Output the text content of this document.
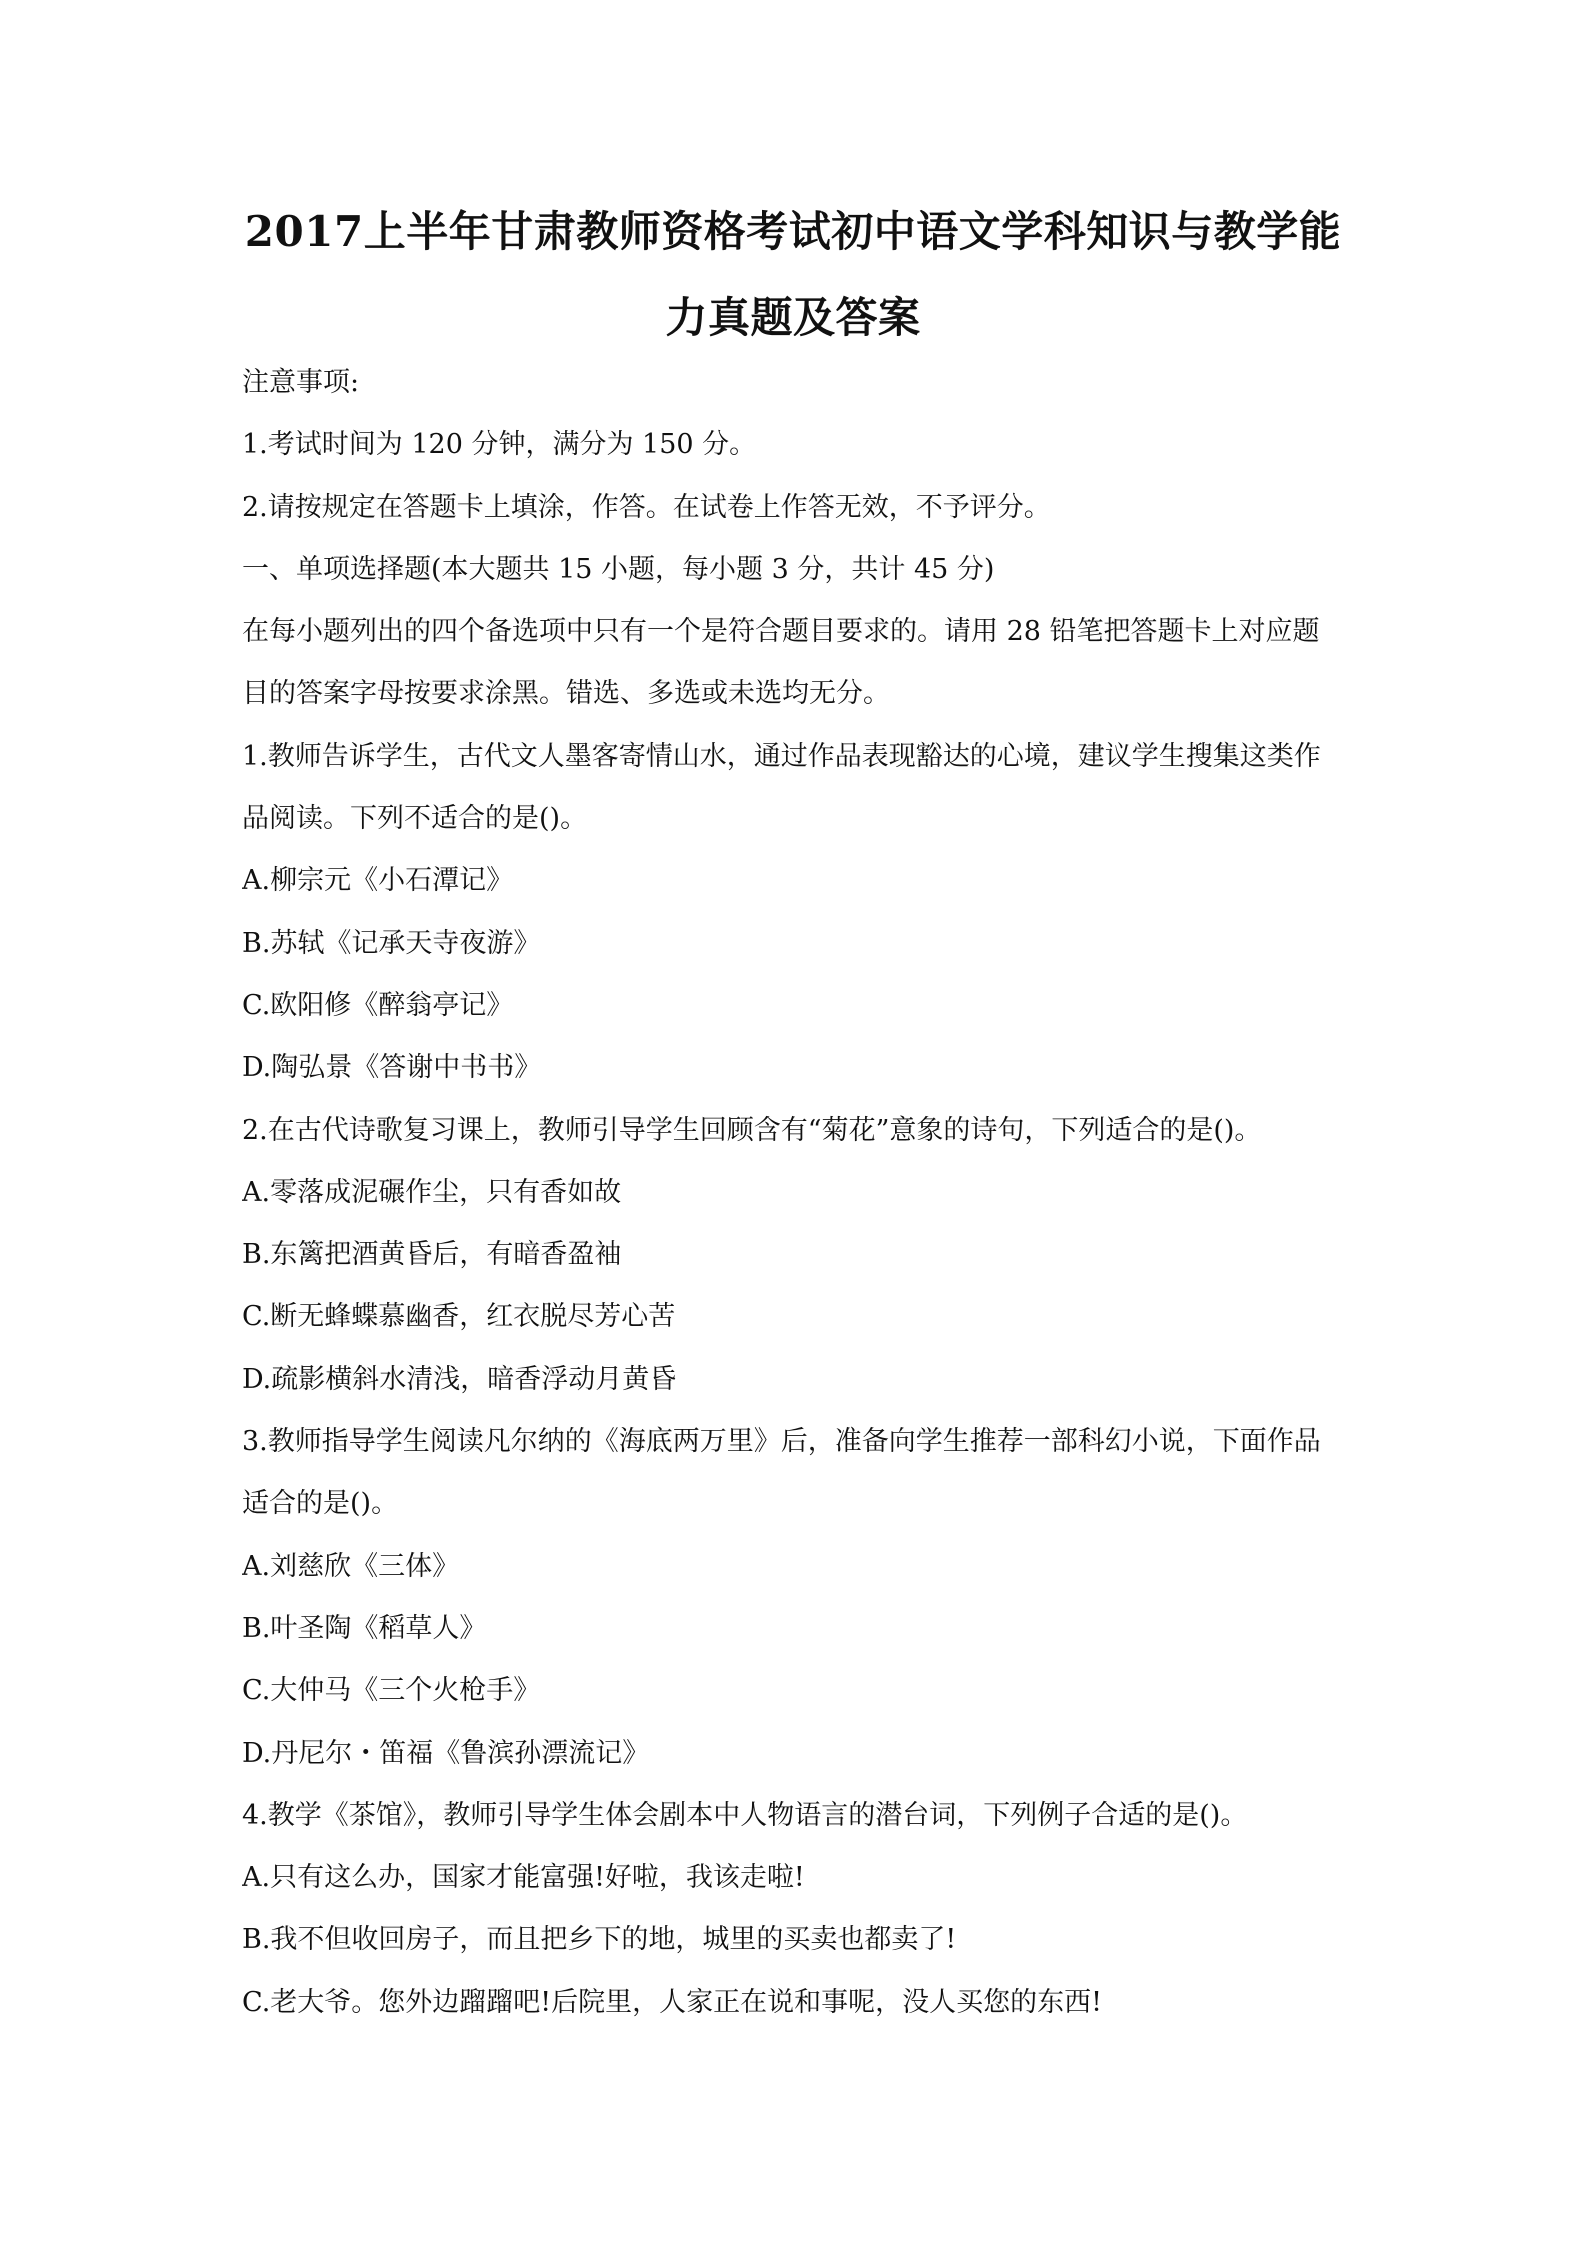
2017上半年甘肃教师资格考试初中语文学科知识与教学能
力真题及答案
注意事项:
1.考试时间为 120 分钟，满分为 150 分。
2.请按规定在答题卡上填涂，作答。在试卷上作答无效，不予评分。
一、单项选择题(本大题共 15 小题，每小题 3 分，共计 45 分)
在每小题列出的四个备选项中只有一个是符合题目要求的。请用 28 铅笔把答题卡上对应题
目的答案字母按要求涂黑。错选、多选或未选均无分。
1.教师告诉学生，古代文人墨客寄情山水，通过作品表现豁达的心境，建议学生搜集这类作
品阅读。下列不适合的是()。
A.柳宗元《小石潭记》
B.苏轼《记承天寺夜游》
C.欧阳修《醉翁亭记》
D.陶弘景《答谢中书书》
2.在古代诗歌复习课上，教师引导学生回顾含有“菊花”意象的诗句，下列适合的是()。
A.零落成泥碾作尘，只有香如故
B.东篱把酒黄昏后，有暗香盈袖
C.断无蜂蝶慕幽香，红衣脱尽芳心苦
D.疏影横斜水清浅，暗香浮动月黄昏
3.教师指导学生阅读凡尔纳的《海底两万里》后，准备向学生推荐一部科幻小说，下面作品
适合的是()。
A.刘慈欣《三体》
B.叶圣陶《稻草人》
C.大仲马《三个火枪手》
D.丹尼尔・笛福《鲁滨孙漂流记》
4.教学《茶馆》，教师引导学生体会剧本中人物语言的潜台词，下列例子合适的是()。
A.只有这么办，国家才能富强!好啦，我该走啦!
B.我不但收回房子，而且把乡下的地，城里的买卖也都卖了!
C.老大爷。您外边蹓蹓吧!后院里，人家正在说和事呢，没人买您的东西!
